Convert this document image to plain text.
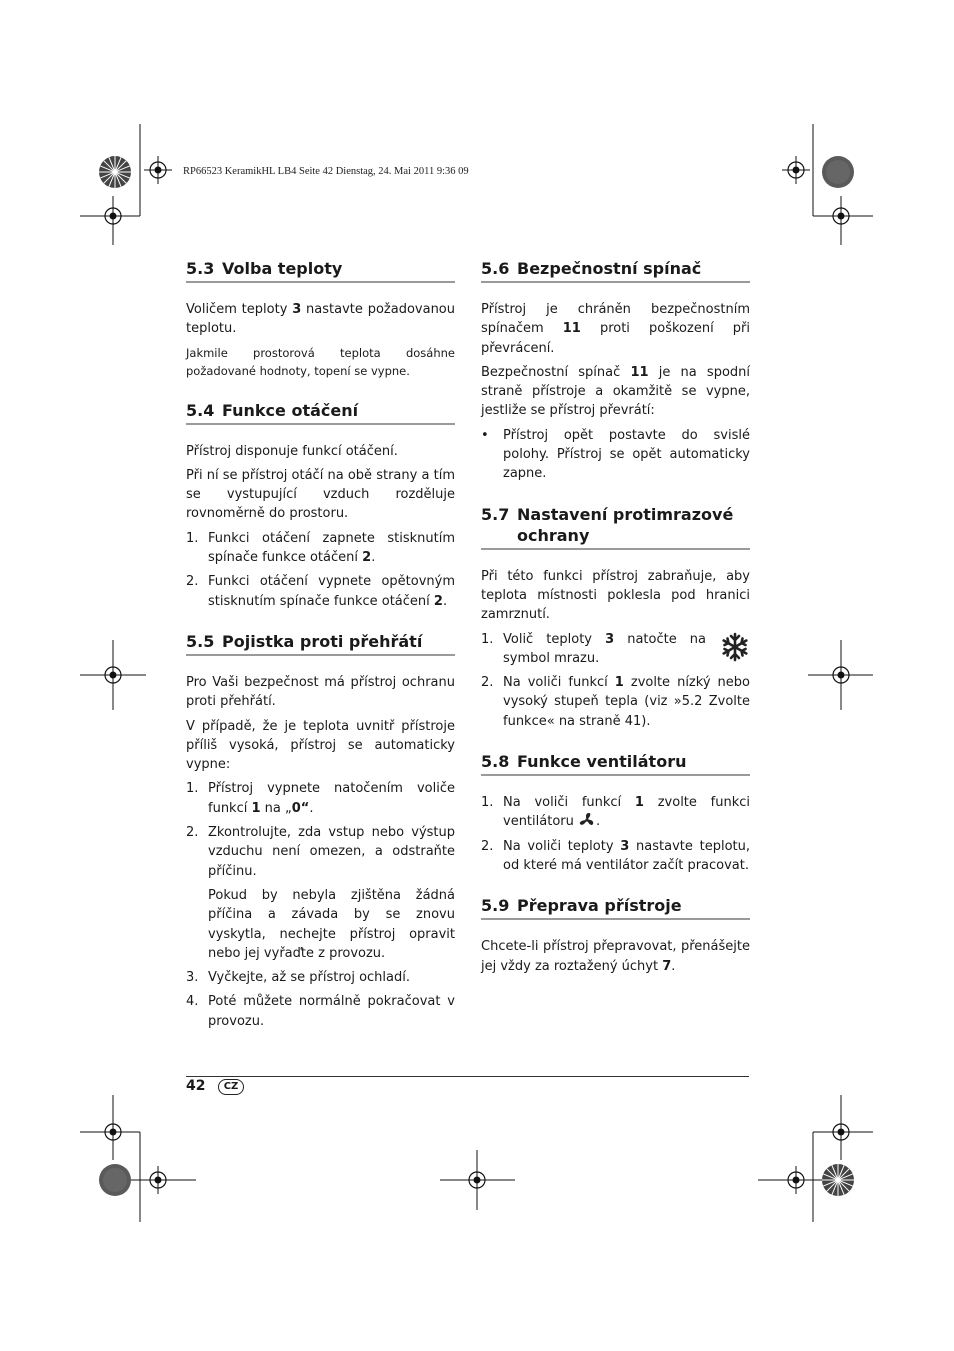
RP66523 KeramikHL LB4 Seite 42 Dienstag, 24. Mai 2011 9:36 09
5.3 Volba teploty

Voličem teploty 3 nastavte požadovanou teplotu.

Jakmile prostorová teplota dosáhne požadované hodnoty, topení se vypne.

5.4 Funkce otáčení

Přístroj disponuje funkcí otáčení.

Při ní se přístroj otáčí na obě strany a tím se vystupující vzduch rozděluje rovnoměrně do prostoru.

1. Funkci otáčení zapnete stisknutím spínače funkce otáčení 2.
2. Funkci otáčení vypnete opětovným stisknutím spínače funkce otáčení 2.
5.5 Pojistka proti přehřátí

Pro Vaši bezpečnost má přístroj ochranu proti přehřátí.

V případě, že je teplota uvnitř přístroje příliš vysoká, přístroj se automaticky vypne:

1. Přístroj vypnete natočením voliče funkcí 1 na „0“.
2. Zkontrolujte, zda vstup nebo výstup vzduchu není omezen, a odstraňte příčinu.

Pokud by nebyla zjištěna žádná příčina a závada by se znovu vyskytla, nechejte přístroj opravit nebo jej vyřaďte z provozu.

3. Vyčkejte, až se přístroj ochladí.
4. Poté můžete normálně pokračovat v provozu.
5.6 Bezpečnostní spínač

Přístroj je chráněn bezpečnostním spínačem 11 proti poškození při převrácení.

Bezpečnostní spínač 11 je na spodní straně přístroje a okamžitě se vypne, jestliže se přístroj převrátí:

• Přístroj opět postavte do svislé polohy. Přístroj se opět automaticky zapne.
5.7 Nastavení protimrazové
ochrany

Při této funkci přístroj zabraňuje, aby teplota místnosti poklesla pod hranici zamrznutí.

1. Volič teploty 3 natočte na symbol mrazu.
2. Na voliči funkcí 1 zvolte nízký nebo vysoký stupeň tepla (viz »5.2 Zvolte funkce« na straně 41).
5.8 Funkce ventilátoru
1. Na voliči funkcí 1 zvolte funkci ventilátoru .
2. Na voliči teploty 3 nastavte teplotu, od které má ventilátor začít pracovat.
5.9 Přeprava přístroje

Chcete-li přístroj přepravovat, přenášejte jej vždy za roztažený úchyt 7.

42	CZ
